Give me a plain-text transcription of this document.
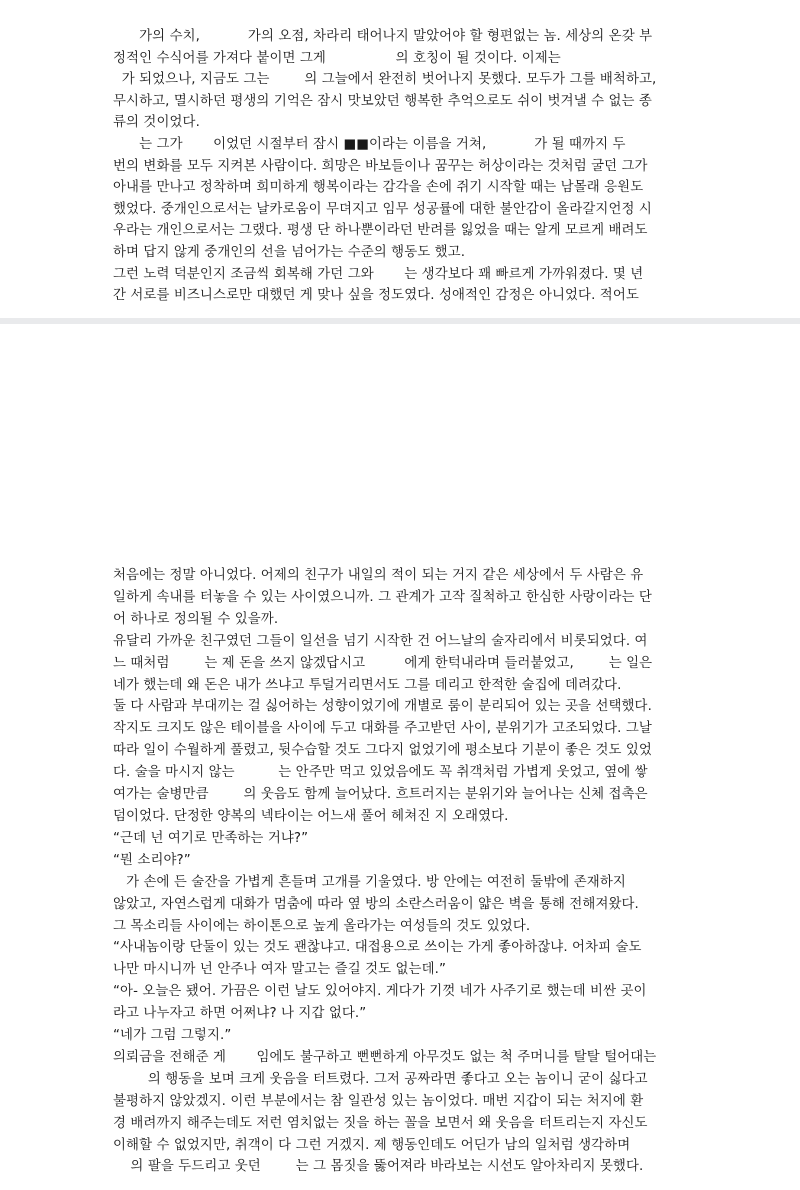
가의 수치,           가의 오점, 차라리 태어나지 말았어야 할 형편없는 놈. 세상의 온갖 부

정적인 수식어를 가져다 붙이면 그게                의 호칭이 될 것이다. 이제는

가 되었으나, 지금도 그는        의 그늘에서 완전히 벗어나지 못했다. 모두가 그를 배척하고,

무시하고, 멸시하던 평생의 기억은 잠시 맛보았던 행복한 추억으로도 쉬이 벗겨낼 수 없는 종

류의 것이었다.

는 그가       이었던 시절부터 잠시 ■■이라는 이름을 거쳐,           가 될 때까지 두

번의 변화를 모두 지켜본 사람이다. 희망은 바보들이나 꿈꾸는 허상이라는 것처럼 굴던 그가

아내를 만나고 정착하며 희미하게 행복이라는 감각을 손에 쥐기 시작할 때는 남몰래 응원도

했었다. 중개인으로서는 날카로움이 무뎌지고 임무 성공률에 대한 불안감이 올라갈지언정 시

우라는 개인으로서는 그랬다. 평생 단 하나뿐이라던 반려를 잃었을 때는 알게 모르게 배려도

하며 답지 않게 중개인의 선을 넘어가는 수준의 행동도 했고.

그런 노력 덕분인지 조금씩 회복해 가던 그와       는 생각보다 꽤 빠르게 가까워졌다. 몇 년

간 서로를 비즈니스로만 대했던 게 맞나 싶을 정도였다. 성애적인 감정은 아니었다. 적어도

처음에는 정말 아니었다. 어제의 친구가 내일의 적이 되는 거지 같은 세상에서 두 사람은 유

일하게 속내를 터놓을 수 있는 사이였으니까. 그 관계가 고작 질척하고 한심한 사랑이라는 단

어 하나로 정의될 수 있을까.

유달리 가까운 친구였던 그들이 일선을 넘기 시작한 건 어느날의 술자리에서 비롯되었다. 여

느 때처럼        는 제 돈을 쓰지 않겠답시고         에게 한턱내라며 들러붙었고,        는 일은

네가 했는데 왜 돈은 내가 쓰냐고 투덜거리면서도 그를 데리고 한적한 술집에 데려갔다.

둘 다 사람과 부대끼는 걸 싫어하는 성향이었기에 개별로 룸이 분리되어 있는 곳을 선택했다.

작지도 크지도 않은 테이블을 사이에 두고 대화를 주고받던 사이, 분위기가 고조되었다. 그날

따라 일이 수월하게 풀렸고, 뒷수습할 것도 그다지 없었기에 평소보다 기분이 좋은 것도 있었

다. 술을 마시지 않는          는 안주만 먹고 있었음에도 꼭 취객처럼 가볍게 웃었고, 옆에 쌓

여가는 술병만큼        의 웃음도 함께 늘어났다. 흐트러지는 분위기와 늘어나는 신체 접촉은

덤이었다. 단정한 양복의 넥타이는 어느새 풀어 헤쳐진 지 오래였다.

“근데 넌 여기로 만족하는 거냐?”

“뭔 소리야?”

가 손에 든 술잔을 가볍게 흔들며 고개를 기울였다. 방 안에는 여전히 둘밖에 존재하지

않았고, 자연스럽게 대화가 멈춤에 따라 옆 방의 소란스러움이 얇은 벽을 통해 전해져왔다.

그 목소리들 사이에는 하이톤으로 높게 올라가는 여성들의 것도 있었다.

“사내놈이랑 단둘이 있는 것도 괜찮냐고. 대접용으로 쓰이는 가게 좋아하잖냐. 어차피 술도

나만 마시니까 넌 안주나 여자 말고는 즐길 것도 없는데.”

“아- 오늘은 됐어. 가끔은 이런 날도 있어야지. 게다가 기껏 네가 사주기로 했는데 비싼 곳이

라고 나누자고 하면 어쩌냐? 나 지갑 없다.”

“네가 그럼 그렇지.”

의뢰금을 전해준 게       임에도 불구하고 뻔뻔하게 아무것도 없는 척 주머니를 탈탈 털어대는

의 행동을 보며 크게 웃음을 터트렸다. 그저 공짜라면 좋다고 오는 놈이니 굳이 싫다고

불평하지 않았겠지. 이런 부분에서는 참 일관성 있는 놈이었다. 매번 지갑이 되는 처지에 환

경 배려까지 해주는데도 저런 염치없는 짓을 하는 꼴을 보면서 왜 웃음을 터트리는지 자신도

이해할 수 없었지만, 취객이 다 그런 거겠지. 제 행동인데도 어딘가 남의 일처럼 생각하며

의 팔을 두드리고 웃던        는 그 몸짓을 뚫어져라 바라보는 시선도 알아차리지 못했다.
